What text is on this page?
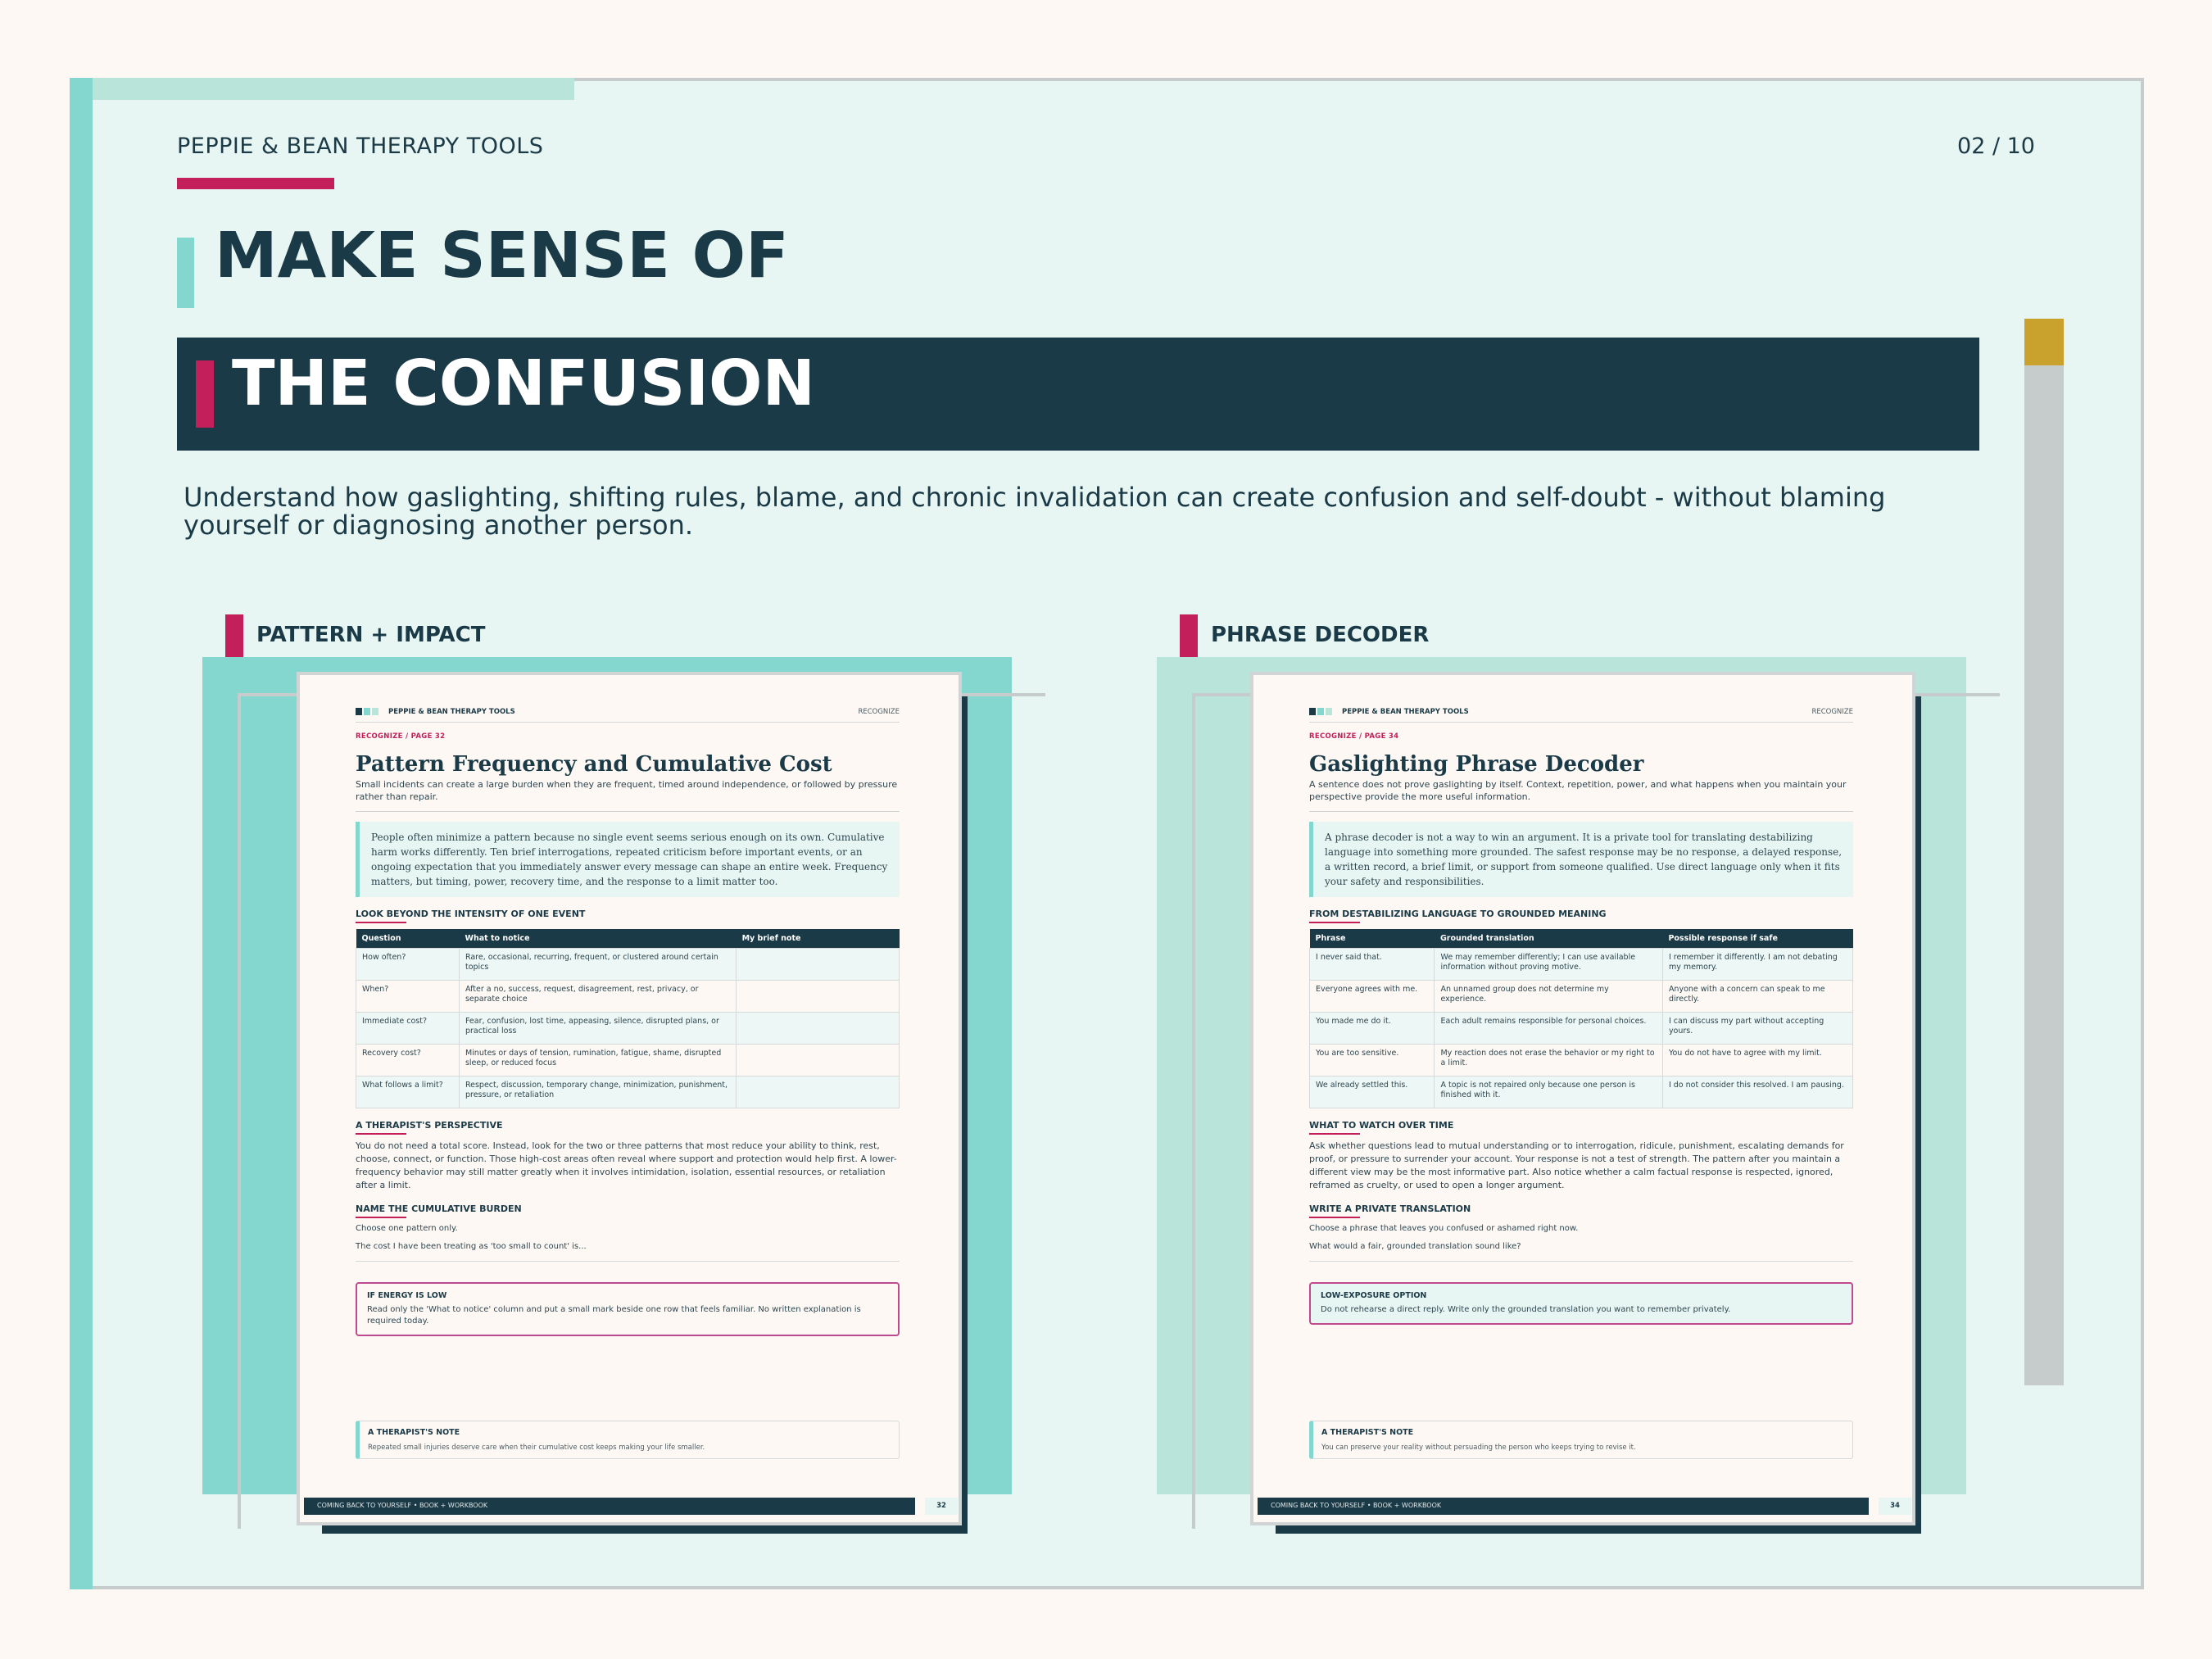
PEPPIE & BEAN THERAPY TOOLS	02 / 10
MAKE SENSE OF
THE CONFUSION
Understand how gaslighting, shifting rules, blame, and chronic invalidation can create confusion and self-doubt - without blaming yourself or diagnosing another person.
PATTERN + IMPACT
PEPPIE & BEAN THERAPY TOOLS	RECOGNIZE
RECOGNIZE / PAGE 32
Pattern Frequency and Cumulative Cost
Small incidents can create a large burden when they are frequent, timed around independence, or followed by pressure rather than repair.
People often minimize a pattern because no single event seems serious enough on its own. Cumulative harm works differently. Ten brief interrogations, repeated criticism before important events, or an ongoing expectation that you immediately answer every message can shape an entire week. Frequency matters, but timing, power, recovery time, and the response to a limit matter too.
LOOK BEYOND THE INTENSITY OF ONE EVENT
Question	What to notice	My brief note
How often?	Rare, occasional, recurring, frequent, or clustered around certain topics	
When?	After a no, success, request, disagreement, rest, privacy, or separate choice	
Immediate cost?	Fear, confusion, lost time, appeasing, silence, disrupted plans, or practical loss	
Recovery cost?	Minutes or days of tension, rumination, fatigue, shame, disrupted sleep, or reduced focus	
What follows a limit?	Respect, discussion, temporary change, minimization, punishment, pressure, or retaliation	
A THERAPIST'S PERSPECTIVE
You do not need a total score. Instead, look for the two or three patterns that most reduce your ability to think, rest, choose, connect, or function. Those high-cost areas often reveal where support and protection would help first. A lower-frequency behavior may still matter greatly when it involves intimidation, isolation, essential resources, or retaliation after a limit.
NAME THE CUMULATIVE BURDEN
Choose one pattern only.
The cost I have been treating as 'too small to count' is...
IF ENERGY IS LOW
Read only the 'What to notice' column and put a small mark beside one row that feels familiar. No written explanation is required today.
A THERAPIST'S NOTE
Repeated small injuries deserve care when their cumulative cost keeps making your life smaller.
COMING BACK TO YOURSELF • BOOK + WORKBOOK	32
PHRASE DECODER
PEPPIE & BEAN THERAPY TOOLS	RECOGNIZE
RECOGNIZE / PAGE 34
Gaslighting Phrase Decoder
A sentence does not prove gaslighting by itself. Context, repetition, power, and what happens when you maintain your perspective provide the more useful information.
A phrase decoder is not a way to win an argument. It is a private tool for translating destabilizing language into something more grounded. The safest response may be no response, a delayed response, a written record, a brief limit, or support from someone qualified. Use direct language only when it fits your safety and responsibilities.
FROM DESTABILIZING LANGUAGE TO GROUNDED MEANING
Phrase	Grounded translation	Possible response if safe
I never said that.	We may remember differently; I can use available information without proving motive.	I remember it differently. I am not debating my memory.
Everyone agrees with me.	An unnamed group does not determine my experience.	Anyone with a concern can speak to me directly.
You made me do it.	Each adult remains responsible for personal choices.	I can discuss my part without accepting yours.
You are too sensitive.	My reaction does not erase the behavior or my right to a limit.	You do not have to agree with my limit.
We already settled this.	A topic is not repaired only because one person is finished with it.	I do not consider this resolved. I am pausing.
WHAT TO WATCH OVER TIME
Ask whether questions lead to mutual understanding or to interrogation, ridicule, punishment, escalating demands for proof, or pressure to surrender your account. Your response is not a test of strength. The pattern after you maintain a different view may be the most informative part. Also notice whether a calm factual response is respected, ignored, reframed as cruelty, or used to open a longer argument.
WRITE A PRIVATE TRANSLATION
Choose a phrase that leaves you confused or ashamed right now.
What would a fair, grounded translation sound like?
LOW-EXPOSURE OPTION
Do not rehearse a direct reply. Write only the grounded translation you want to remember privately.
A THERAPIST'S NOTE
You can preserve your reality without persuading the person who keeps trying to revise it.
COMING BACK TO YOURSELF • BOOK + WORKBOOK	34
